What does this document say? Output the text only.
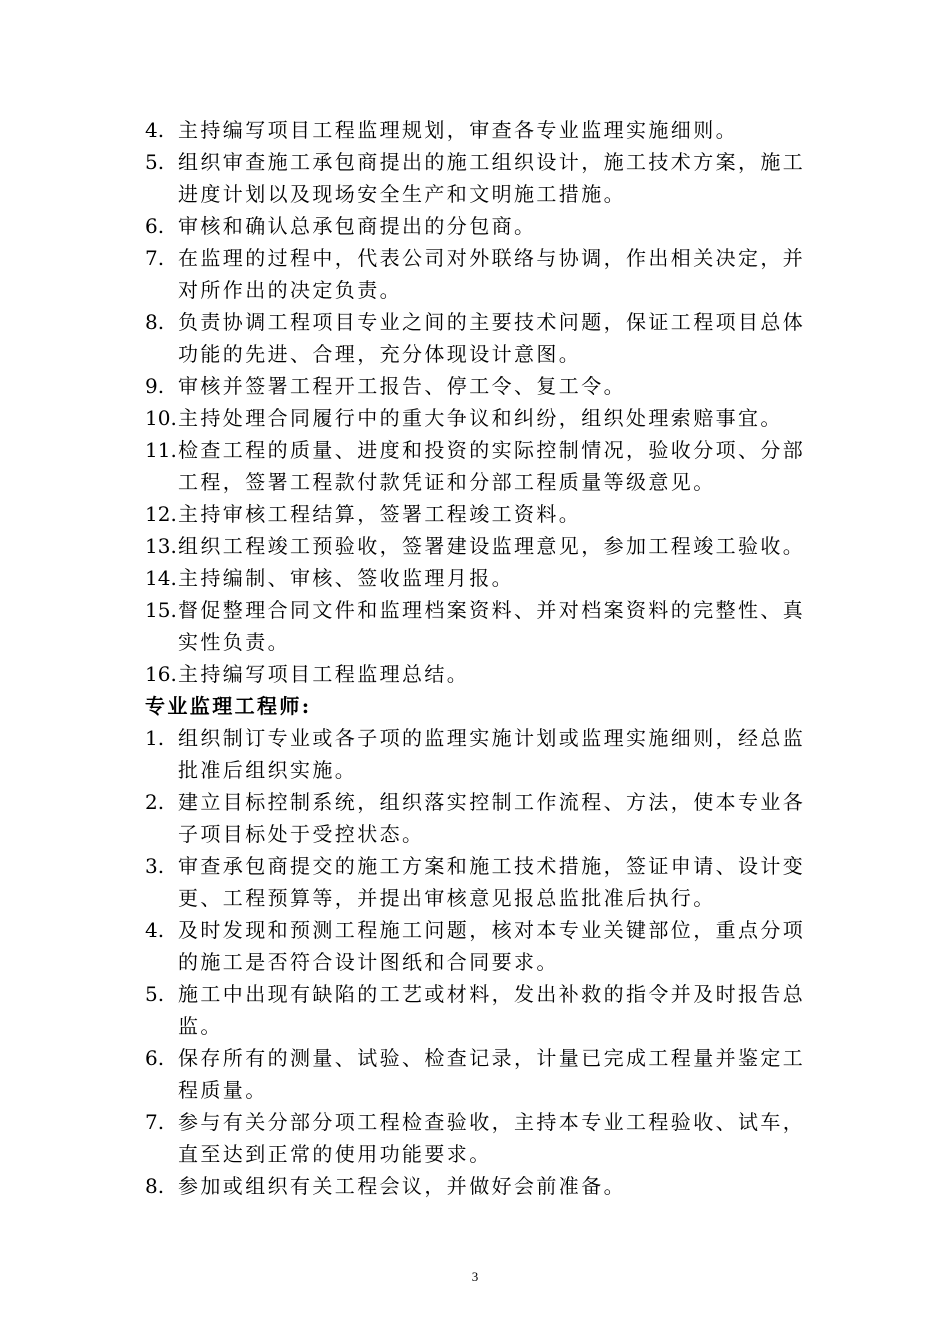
4. 主持编写项目工程监理规划，审查各专业监理实施细则。
5. 组织审查施工承包商提出的施工组织设计，施工技术方案，施工进度计划以及现场安全生产和文明施工措施。
6. 审核和确认总承包商提出的分包商。
7. 在监理的过程中，代表公司对外联络与协调，作出相关决定，并对所作出的决定负责。
8. 负责协调工程项目专业之间的主要技术问题，保证工程项目总体功能的先进、合理，充分体现设计意图。
9. 审核并签署工程开工报告、停工令、复工令。
10. 主持处理合同履行中的重大争议和纠纷，组织处理索赔事宜。
11. 检查工程的质量、进度和投资的实际控制情况，验收分项、分部工程，签署工程款付款凭证和分部工程质量等级意见。
12. 主持审核工程结算，签署工程竣工资料。
13. 组织工程竣工预验收，签署建设监理意见，参加工程竣工验收。
14. 主持编制、审核、签收监理月报。
15. 督促整理合同文件和监理档案资料、并对档案资料的完整性、真实性负责。
16. 主持编写项目工程监理总结。
专业监理工程师:
1. 组织制订专业或各子项的监理实施计划或监理实施细则，经总监批准后组织实施。
2. 建立目标控制系统，组织落实控制工作流程、方法，使本专业各子项目标处于受控状态。
3. 审查承包商提交的施工方案和施工技术措施，签证申请、设计变更、工程预算等，并提出审核意见报总监批准后执行。
4. 及时发现和预测工程施工问题，核对本专业关键部位，重点分项的施工是否符合设计图纸和合同要求。
5. 施工中出现有缺陷的工艺或材料，发出补救的指令并及时报告总监。
6. 保存所有的测量、试验、检查记录，计量已完成工程量并鉴定工程质量。
7. 参与有关分部分项工程检查验收，主持本专业工程验收、试车，直至达到正常的使用功能要求。
8. 参加或组织有关工程会议，并做好会前准备。
3
